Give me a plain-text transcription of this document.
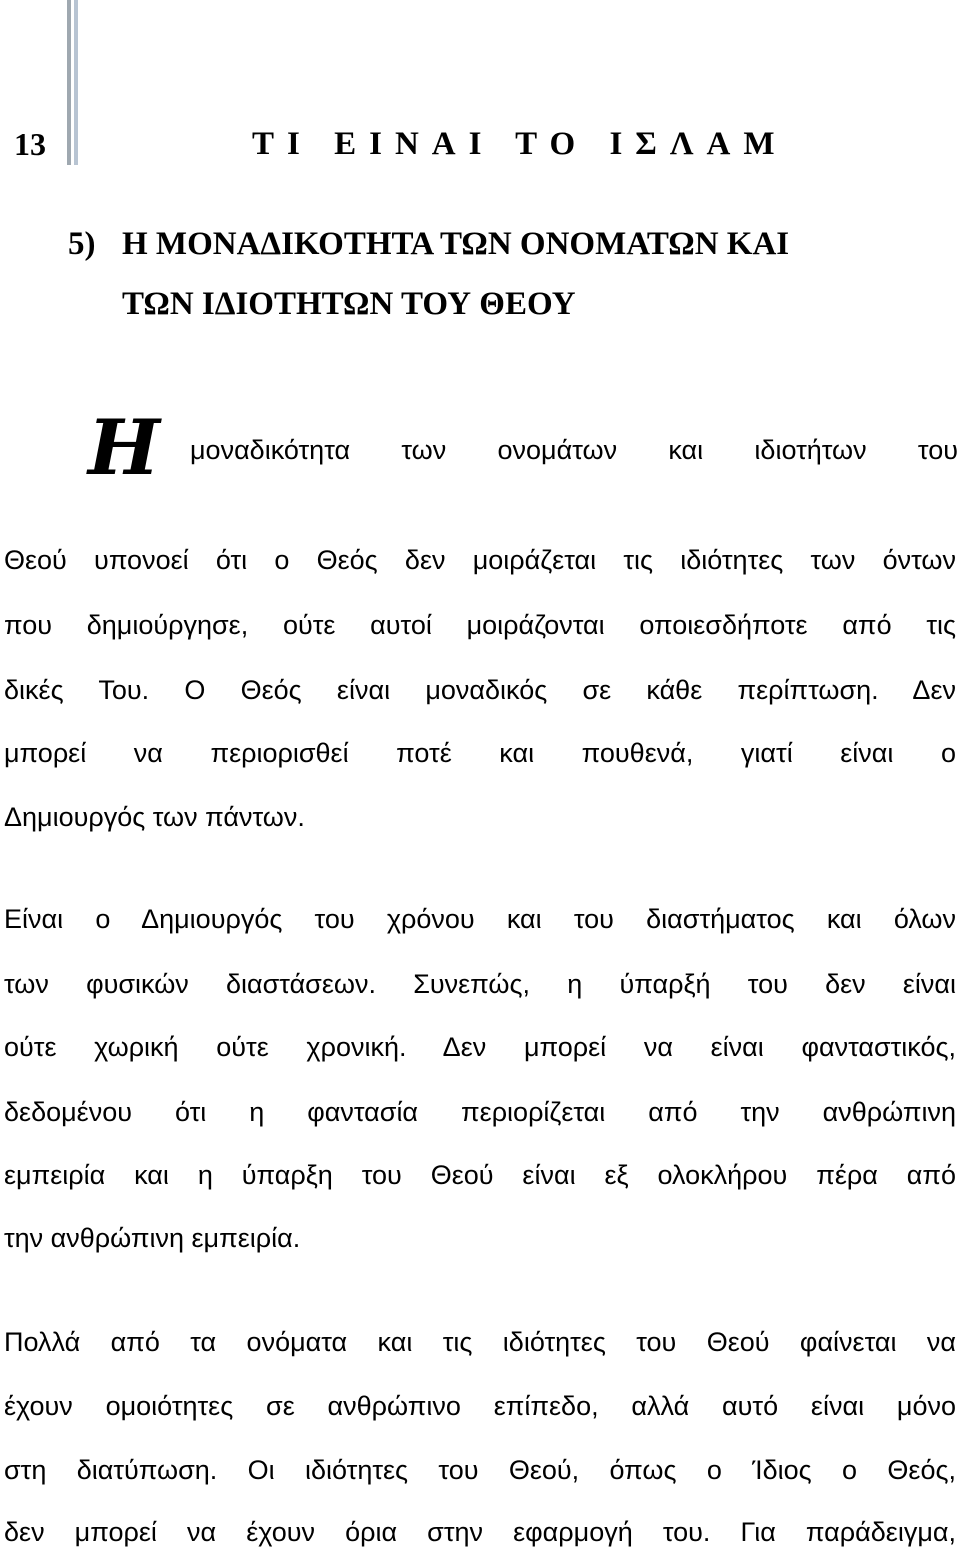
13	ΤΙ ΕΙΝΑΙ ΤΟ ΙΣΛΑΜ
5) Η ΜΟΝΑΔΙΚΟΤΗΤΑ ΤΩΝ ΟΝΟΜΑΤΩΝ ΚΑΙ
ΤΩΝ ΙΔΙΟΤΗΤΩΝ ΤΟΥ ΘΕΟΥ
Η μοναδικότητα των ονομάτων και ιδιοτήτων του
Θεού υπονοεί ότι ο Θεός δεν μοιράζεται τις ιδιότητες των όντων
που δημιούργησε, ούτε αυτοί μοιράζονται οποιεσδήποτε από τις
δικές Του. Ο Θεός είναι μοναδικός σε κάθε περίπτωση. Δεν
μπορεί να περιορισθεί ποτέ και πουθενά, γιατί είναι ο
Δημιουργός των πάντων.
Είναι ο Δημιουργός του χρόνου και του διαστήματος και όλων
των φυσικών διαστάσεων. Συνεπώς, η ύπαρξή του δεν είναι
ούτε χωρική ούτε χρονική. Δεν μπορεί να είναι φανταστικός,
δεδομένου ότι η φαντασία περιορίζεται από την ανθρώπινη
εμπειρία και η ύπαρξη του Θεού είναι εξ ολοκλήρου πέρα από
την ανθρώπινη εμπειρία.
Πολλά από τα ονόματα και τις ιδιότητες του Θεού φαίνεται να
έχουν ομοιότητες σε ανθρώπινο επίπεδο, αλλά αυτό είναι μόνο
στη διατύπωση. Οι ιδιότητες του Θεού, όπως ο Ίδιος ο Θεός,
δεν μπορεί να έχουν όρια στην εφαρμογή του. Για παράδειγμα,
